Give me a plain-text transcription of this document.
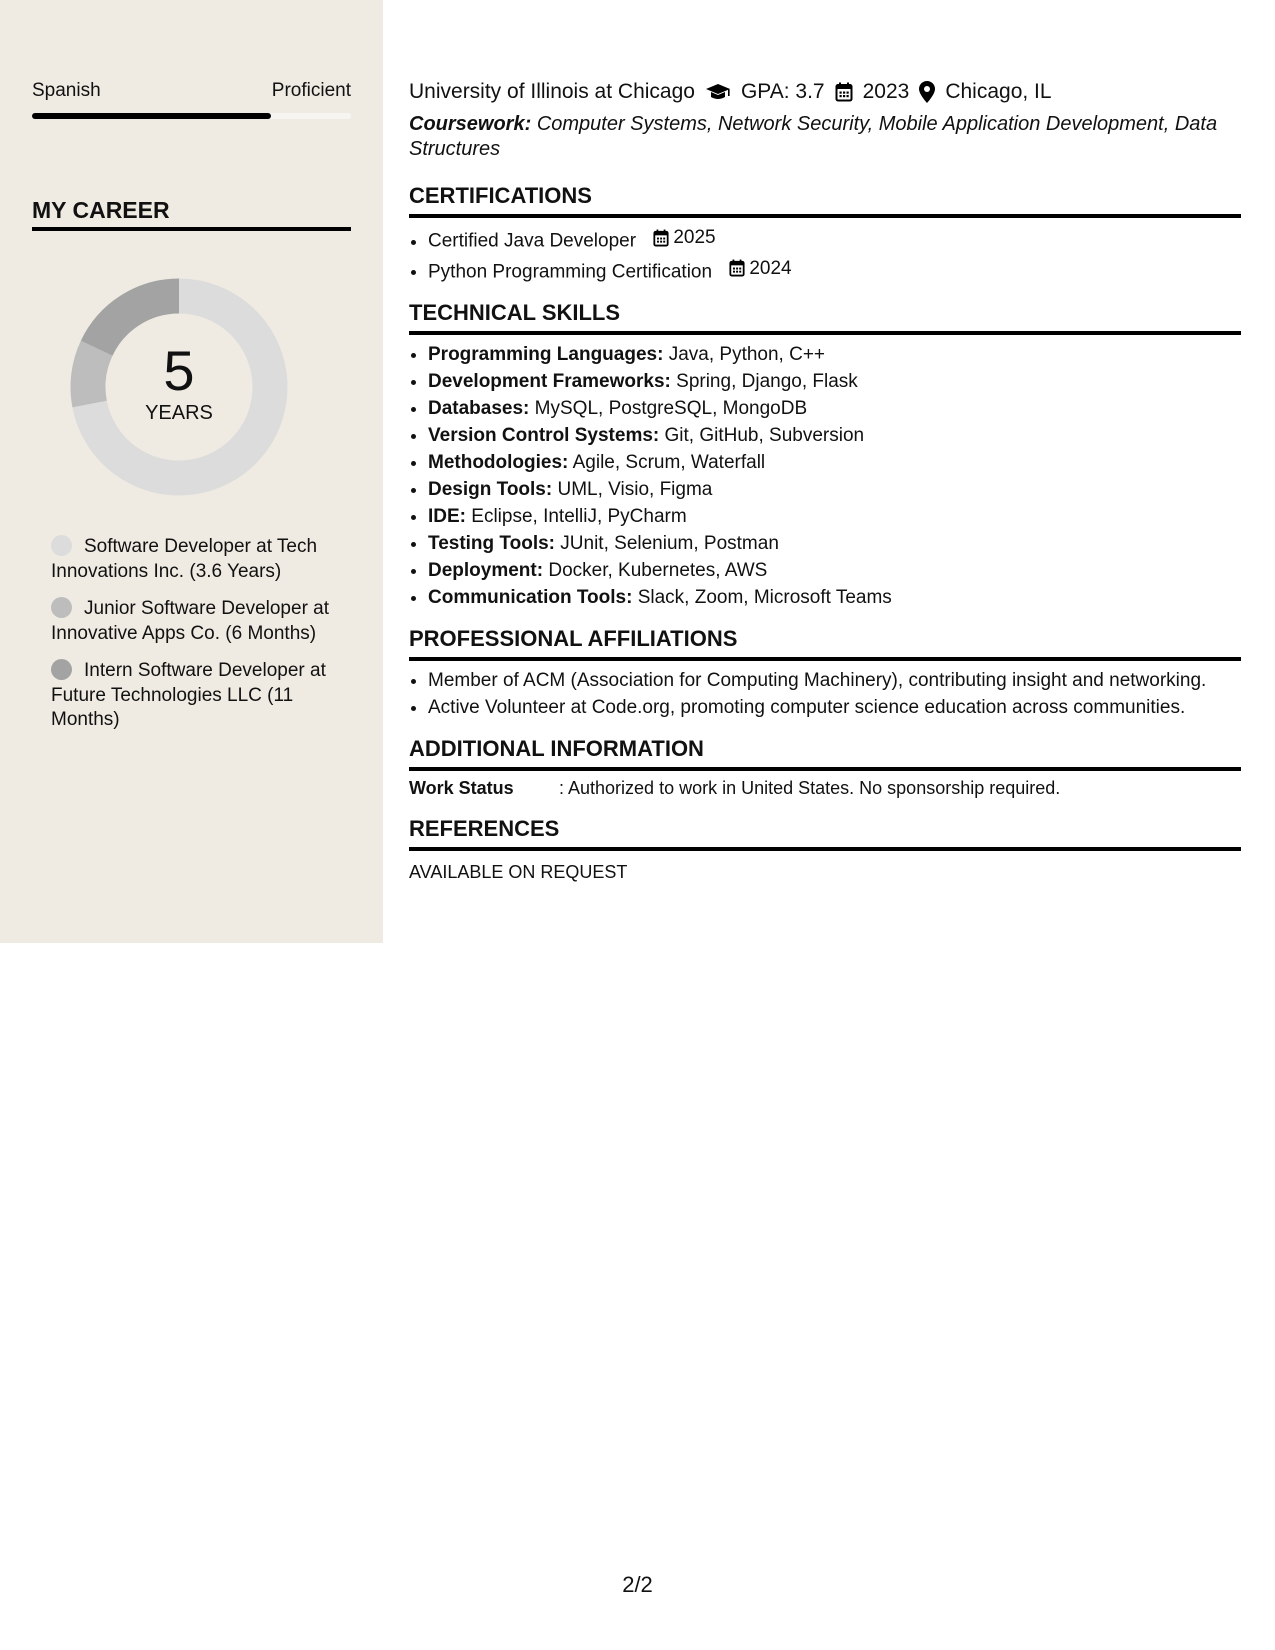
Spanish	Proficient
MY CAREER
5
YEARS
Software Developer at Tech Innovations Inc. (3.6 Years)
Junior Software Developer at Innovative Apps Co. (6 Months)
Intern Software Developer at Future Technologies LLC (11 Months)
University of Illinois at Chicago GPA: 3.7 2023 Chicago, IL
Coursework: Computer Systems, Network Security, Mobile Application Development, Data Structures
CERTIFICATIONS
• Certified Java Developer 2025
• Python Programming Certification 2024
TECHNICAL SKILLS
• Programming Languages: Java, Python, C++
• Development Frameworks: Spring, Django, Flask
• Databases: MySQL, PostgreSQL, MongoDB
• Version Control Systems: Git, GitHub, Subversion
• Methodologies: Agile, Scrum, Waterfall
• Design Tools: UML, Visio, Figma
• IDE: Eclipse, IntelliJ, PyCharm
• Testing Tools: JUnit, Selenium, Postman
• Deployment: Docker, Kubernetes, AWS
• Communication Tools: Slack, Zoom, Microsoft Teams
PROFESSIONAL AFFILIATIONS
• Member of ACM (Association for Computing Machinery), contributing insight and networking.
• Active Volunteer at Code.org, promoting computer science education across communities.
ADDITIONAL INFORMATION
Work Status	: Authorized to work in United States. No sponsorship required.
REFERENCES
AVAILABLE ON REQUEST
2/2
